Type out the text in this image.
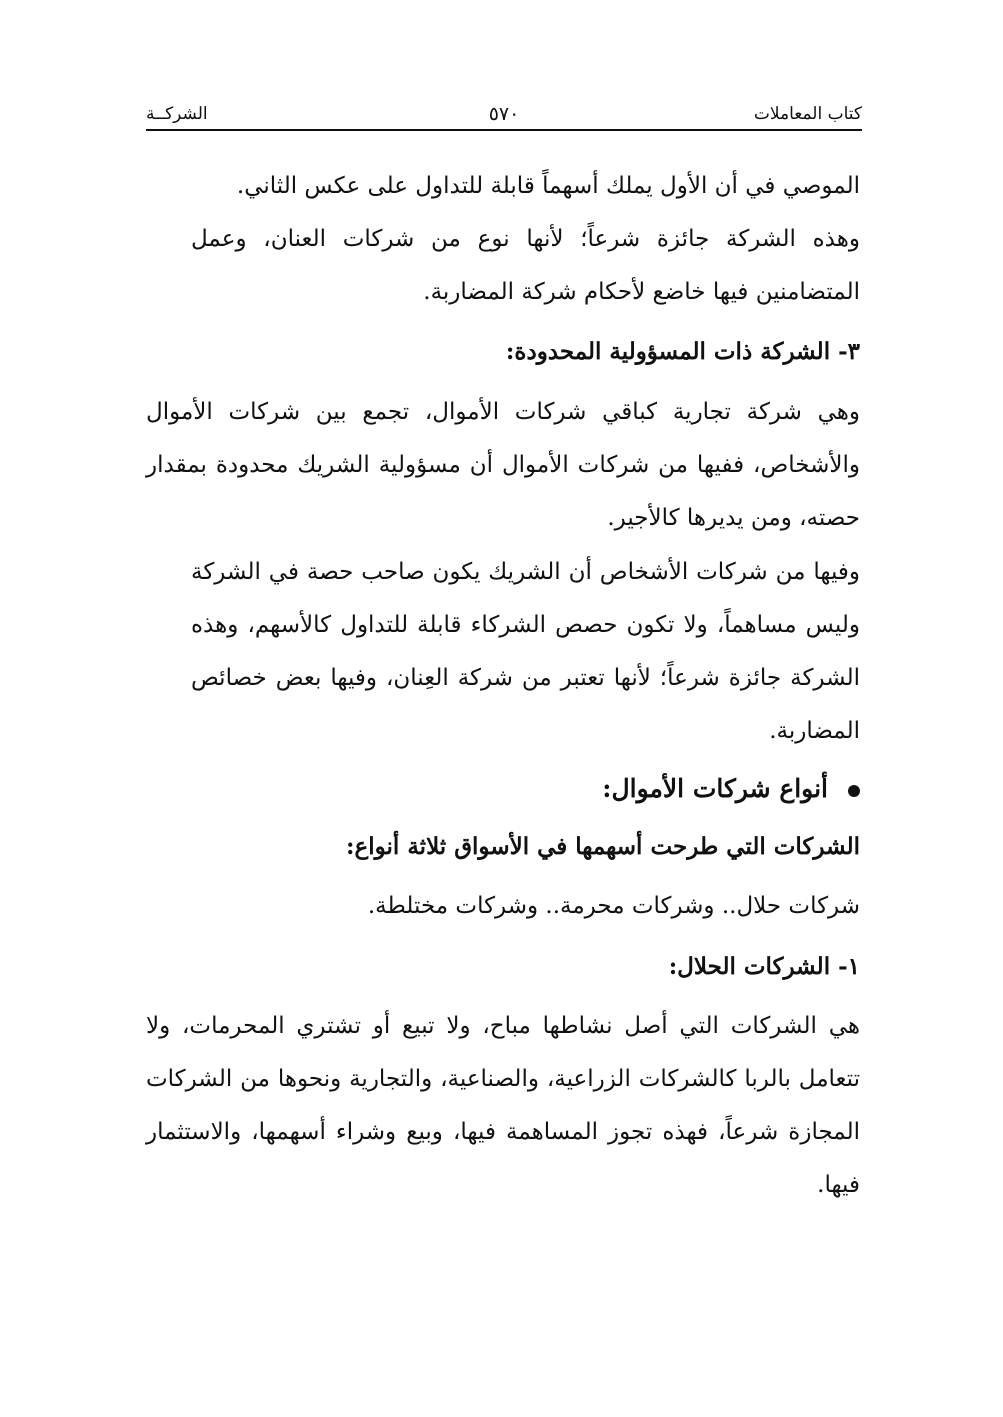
كتاب المعاملات
٥٧٠
الشركــة

الموصي في أن الأول يملك أسهماً قابلة للتداول على عكس الثاني.

وهذه الشركة جائزة شرعاً؛ لأنها نوع من شركات العنان، وعمل المتضامنين فيها خاضع لأحكام شركة المضاربة.

٣- الشركة ذات المسؤولية المحدودة:

وهي شركة تجارية كباقي شركات الأموال، تجمع بين شركات الأموال والأشخاص، ففيها من شركات الأموال أن مسؤولية الشريك محدودة بمقدار حصته، ومن يديرها كالأجير.

وفيها من شركات الأشخاص أن الشريك يكون صاحب حصة في الشركة وليس مساهماً، ولا تكون حصص الشركاء قابلة للتداول كالأسهم، وهذه الشركة جائزة شرعاً؛ لأنها تعتبر من شركة العِنان، وفيها بعض خصائص المضاربة.

أنواع شركات الأموال:

الشركات التي طرحت أسهمها في الأسواق ثلاثة أنواع:

شركات حلال.. وشركات محرمة.. وشركات مختلطة.

١- الشركات الحلال:

هي الشركات التي أصل نشاطها مباح، ولا تبيع أو تشتري المحرمات، ولا تتعامل بالربا كالشركات الزراعية، والصناعية، والتجارية ونحوها من الشركات المجازة شرعاً، فهذه تجوز المساهمة فيها، وبيع وشراء أسهمها، والاستثمار فيها.
